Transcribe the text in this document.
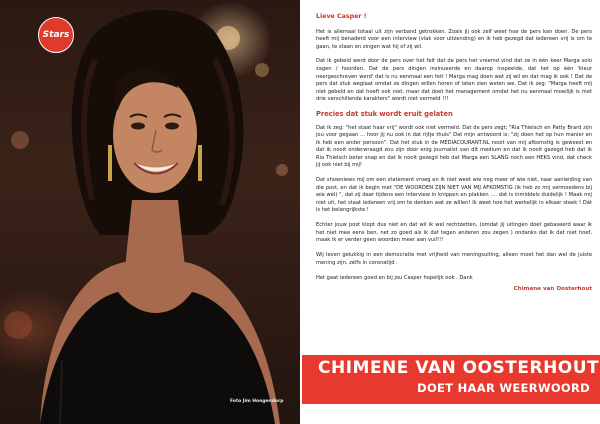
Stars
Foto Jim Hoogendorp
Lieve Casper !

Het is allemaal totaal uit zijn verband getrokken. Zoals jij ook zelf weet hoe de pers kan doen. De pers heeft mij benaderd voor een interview (vlak voor uitzending) en ik heb gezegd dat iedereen vrij is om te gaan, te staan en zingen wat hij of zij wil.

Dat ik gebeld werd door de pers over het feit dat de pers het vreemd vind dat ze in één keer Marga solo zagen / hoorden. Dat de pers dingen insinueerde en daarop inspeelde, dat het op één 'kleur neergeschreven werd' dat is nu eenmaal een feit ! Marga mag doen wat zij wil en dat mag ik ook ! Dat de pers dat stuk weglaat omdat ze dingen willen horen of laten zien weten we. Dat ik zeg: "Marga heeft mij niet gebeld en dat hoeft ook niet, maar dat doet het management omdat het nu eenmaal moeilijk is met drie verschillende karakters" wordt niet vermeld !!!

Precies dat stuk wordt eruit gelaten

Dat ik zeg: "het staat haar vrij" wordt ook niet vermeld. Dat de pers zegt; "Ria Thielsch en Patty Brard zijn jou voor gegaan ... hoor jij nu ook in dat rijtje thuis" Dat mijn antwoord is: "zij doen het op hun manier en ik heb een ander persoon". Dat het stuk in de MEDIACOURANT.NL nooit van mij afkomstig is geweest en dat ik nooit onderwraagd zou zijn door enig journalist van dit medium en dat ik nooit gezegd heb dat ik Ria Thielsch beter snap en dat ik nooit gezegd heb dat Marga een SLANG noch een HEKS vind, dat check jij ook niet bij mij!

Dat showniews mij om een statement vroeg en ik niet weet wie nog meer of wie niet, naar aanleiding van die post, en dat ik begin met "DE WOORDEN ZIJN NIET VAN MIJ AFKOMSTIG (ik heb zo mij vermoedens bij wie wél) ", dat zij daar tijdens een interview in knippen en plakken .... dat is inmiddels duidelijk ! Maak mij niet uit, het staat iedereen vrij om te denken wat ze willen! Ik weet hoe het werkelijk in elkaar steek ! Dát is het belangrijkste !

Echter jouw post klopt dus niet en dat wil ik wel rechtzetten, (omdat jij uitingen doet gebaseerd waar ik het niet mee eens ben, net zo goed als ik dat tegen anderen zou zegen ) ondanks dat ik dat niet hoef, maak ik er verder geen woorden meer aan vuil!!!

Wij leven gelukkig in een democratie met vrijheid van meningsuiting, alleen moet het dan wel de juiste mening zijn, zélfs in coronatijd .

Het gaat iedereen goed en bij jou Casper hopelijk ook . Dank

Chimene van Oosterhout
CHIMENE VAN OOSTERHOUT
DOET HAAR WEERWOORD
